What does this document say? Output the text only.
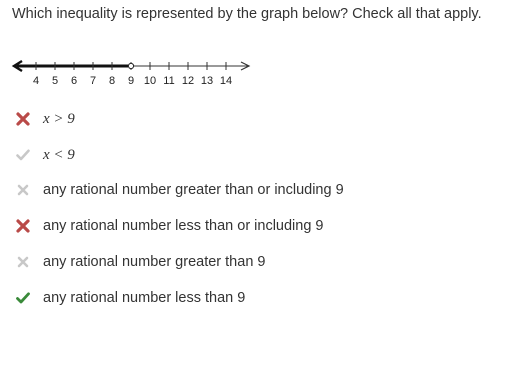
Which inequality is represented by the graph below? Check all that apply.
4 5 6 7 8 9 10 11 12 13 14
x > 9
x < 9
any rational number greater than or including 9
any rational number less than or including 9
any rational number greater than 9
any rational number less than 9
